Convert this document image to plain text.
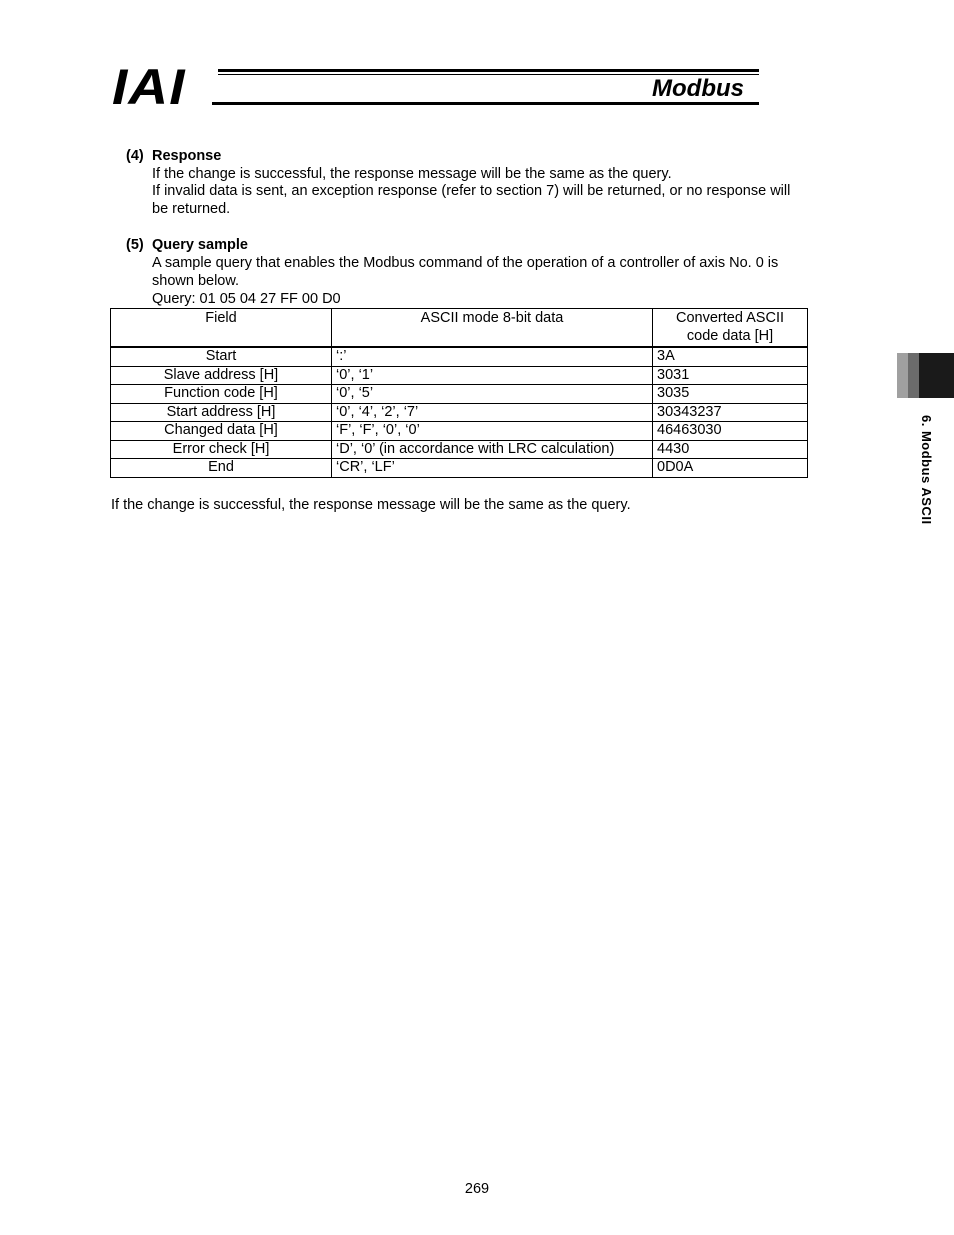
IAI	Modbus
(4) Response
If the change is successful, the response message will be the same as the query.
If invalid data is sent, an exception response (refer to section 7) will be returned, or no response will
be returned.
(5) Query sample
A sample query that enables the Modbus command of the operation of a controller of axis No. 0 is
shown below.
Query: 01 05 04 27 FF 00 D0
Field	ASCII mode 8-bit data	Converted ASCII
code data [H]
Start	‘:’	3A
Slave address [H]	‘0’, ‘1’	3031
Function code [H]	‘0’, ‘5’	3035
Start address [H]	‘0’, ‘4’, ‘2’, ‘7’	30343237
Changed data [H]	‘F’, ‘F’, ‘0’, ‘0’	46463030
Error check [H]	‘D’, ‘0’ (in accordance with LRC calculation)	4430
End	‘CR’, ‘LF’	0D0A
If the change is successful, the response message will be the same as the query.	6. Modbus ASCII
269
